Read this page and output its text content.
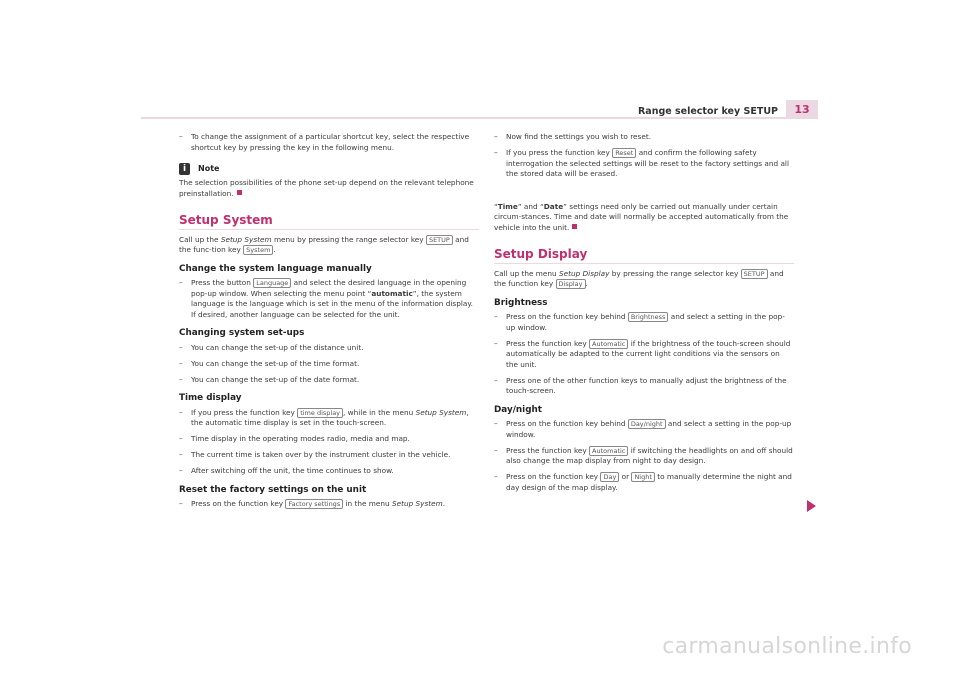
Range selector key SETUP	13
– To change the assignment of a particular shortcut key, select the respective shortcut key by pressing the key in the following menu.
i	Note
The selection possibilities of the phone set-up depend on the relevant telephone preinstallation.
Setup System
Call up the Setup System menu by pressing the range selector key SETUP and the func-tion key System .
Change the system language manually
– Press the button Language and select the desired language in the opening pop-up window. When selecting the menu point “automatic”, the system language is the language which is set in the menu of the information display. If desired, another language can be selected for the unit.
Changing system set-ups
– You can change the set-up of the distance unit.
– You can change the set-up of the time format.
– You can change the set-up of the date format.
Time display
– If you press the function key time display , while in the menu Setup System, the automatic time display is set in the touch-screen.
– Time display in the operating modes radio, media and map.
– The current time is taken over by the instrument cluster in the vehicle.
– After switching off the unit, the time continues to show.
Reset the factory settings on the unit
– Press on the function key Factory settings in the menu Setup System.
– Now find the settings you wish to reset.
– If you press the function key Reset and confirm the following safety interrogation the selected settings will be reset to the factory settings and all the stored data will be erased.
“Time” and “Date” settings need only be carried out manually under certain circum-stances. Time and date will normally be accepted automatically from the vehicle into the unit.
Setup Display
Call up the menu Setup Display by pressing the range selector key SETUP and the function key Display .
Brightness
– Press on the function key behind Brightness and select a setting in the pop-up window.
– Press the function key Automatic if the brightness of the touch-screen should automatically be adapted to the current light conditions via the sensors on the unit.
– Press one of the other function keys to manually adjust the brightness of the touch-screen.
Day/night
– Press on the function key behind Day/night and select a setting in the pop-up window.
– Press the function key Automatic if switching the headlights on and off should also change the map display from night to day design.
– Press on the function key Day or Night to manually determine the night and day design of the map display.
carmanualsonline.info
